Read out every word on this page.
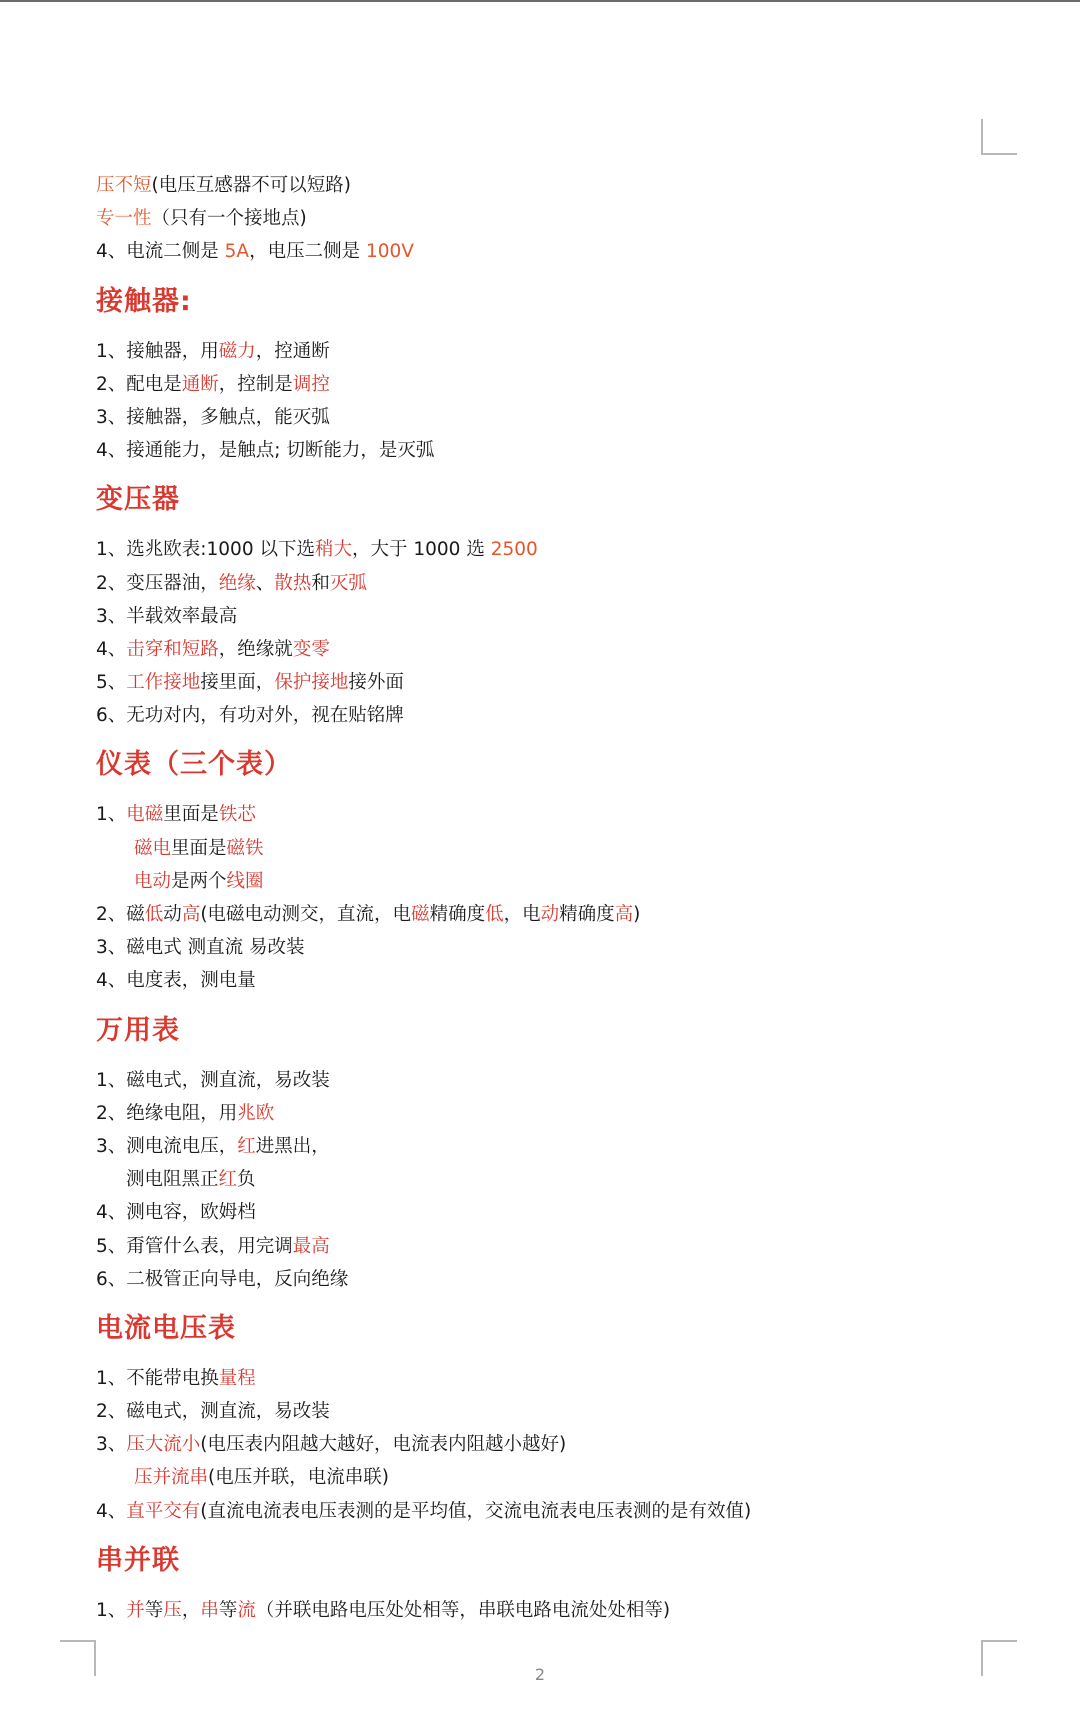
压不短(电压互感器不可以短路)
专一性（只有一个接地点)
4、电流二侧是 5A，电压二侧是 100V
接触器:
1、接触器，用磁力，控通断
2、配电是通断，控制是调控
3、接触器，多触点，能灭弧
4、接通能力，是触点; 切断能力，是灭弧
变压器
1、选兆欧表:1000 以下选稍大，大于 1000 选 2500
2、变压器油，绝缘、散热和灭弧
3、半载效率最高
4、击穿和短路，绝缘就变零
5、工作接地接里面，保护接地接外面
6、无功对内，有功对外，视在贴铭牌
仪表（三个表）
1、电磁里面是铁芯
磁电里面是磁铁
电动是两个线圈
2、磁低动高(电磁电动测交，直流，电磁精确度低，电动精确度高)
3、磁电式 测直流 易改装
4、电度表，测电量
万用表
1、磁电式，测直流，易改装
2、绝缘电阻，用兆欧
3、测电流电压，红进黑出，
测电阻黑正红负
4、测电容，欧姆档
5、甭管什么表，用完调最高
6、二极管正向导电，反向绝缘
电流电压表
1、不能带电换量程
2、磁电式，测直流，易改装
3、压大流小(电压表内阻越大越好，电流表内阻越小越好)
压并流串(电压并联，电流串联)
4、直平交有(直流电流表电压表测的是平均值，交流电流表电压表测的是有效值)
串并联
1、并等压，串等流（并联电路电压处处相等，串联电路电流处处相等)
2
